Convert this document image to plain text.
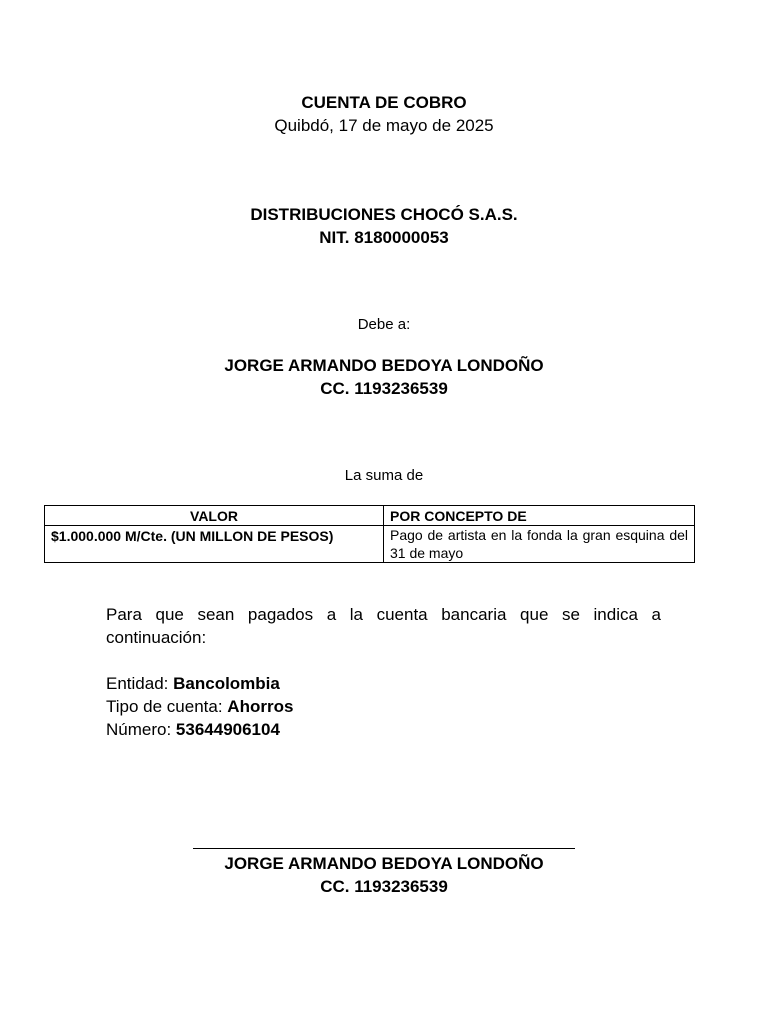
CUENTA DE COBRO
Quibdó, 17 de mayo de 2025
DISTRIBUCIONES CHOCÓ S.A.S.
NIT. 8180000053
Debe a:
JORGE ARMANDO BEDOYA LONDOÑO
CC. 1193236539
La suma de
VALOR	POR CONCEPTO DE
$1.000.000 M/Cte. (UN MILLON DE PESOS)	Pago de artista en la fonda la gran esquina del 31 de mayo
Para que sean pagados a la cuenta bancaria que se indica a continuación:
Entidad: Bancolombia
Tipo de cuenta: Ahorros
Número: 53644906104
JORGE ARMANDO BEDOYA LONDOÑO
CC. 1193236539
